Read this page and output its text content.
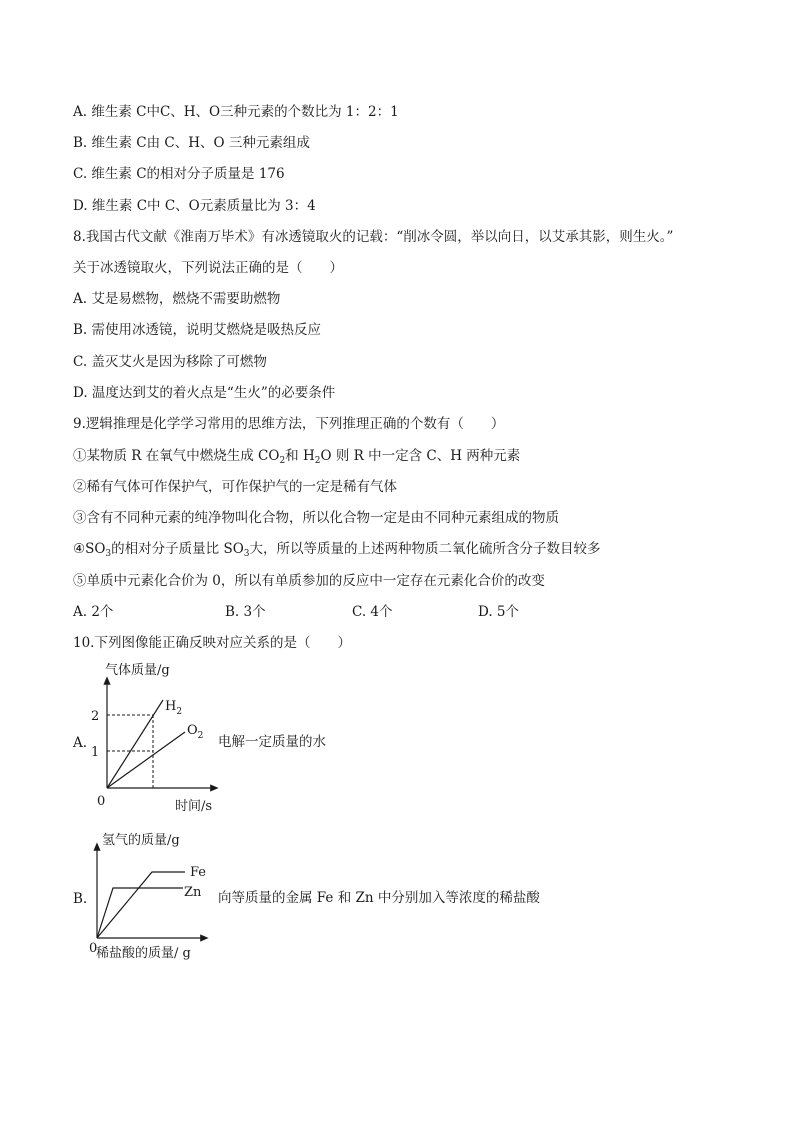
A. 维生素 C中C、H、O三种元素的个数比为 1：2：1
B. 维生素 C由 C、H、O 三种元素组成
C. 维生素 C的相对分子质量是 176
D. 维生素 C中 C、O元素质量比为 3：4
8.我国古代文献《淮南万毕术》有冰透镜取火的记载：“削冰令圆，举以向日，以艾承其影，则生火。”
关于冰透镜取火，下列说法正确的是（　　）
A. 艾是易燃物，燃烧不需要助燃物
B. 需使用冰透镜，说明艾燃烧是吸热反应
C. 盖灭艾火是因为移除了可燃物
D. 温度达到艾的着火点是“生火”的必要条件
9.逻辑推理是化学学习常用的思维方法，下列推理正确的个数有（　　）
①某物质 R 在氧气中燃烧生成 $CO_2$和 $H_2O$ 则 R 中一定含 C、H 两种元素
②稀有气体可作保护气，可作保护气的一定是稀有气体
③含有不同种元素的纯净物叫化合物，所以化合物一定是由不同种元素组成的物质
$④SO_3$的相对分子质量比 $SO_3$大，所以等质量的上述两种物质二氧化硫所含分子数目较多
⑤单质中元素化合价为 0，所以有单质参加的反应中一定存在元素化合价的改变
A. 2个	B. 3个	C. 4个	D. 5个
10.下列图像能正确反映对应关系的是（　　）
A.
气体质量/g
2
1
0	时间/s
$H_2$
$O_2$ 电解一定质量的水
B.
氢气的质量/g
Fe
Zn
0
稀盐酸的质量/ g
向等质量的金属 Fe 和 Zn 中分别加入等浓度的稀盐酸
